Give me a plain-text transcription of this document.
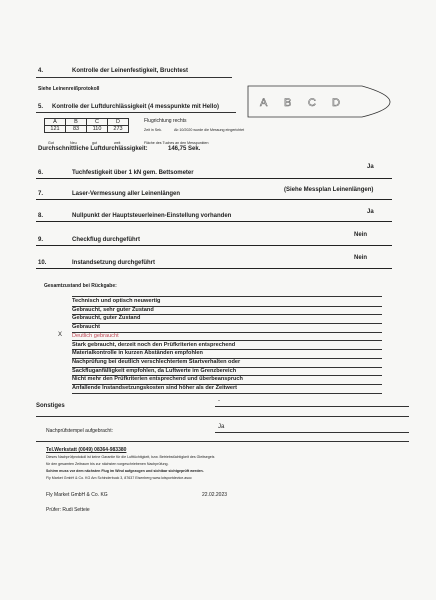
4.	Kontrolle der Leinenfestigkeit, Bruchtest
Siehe Leinenreißprotokoll
A B C D
5. Kontrolle der Luftdurchlässigkeit (4 messpunkte mit Hello)
A	B	C	D
121	83	110	273
Flugrichtung rechts
Zeit in Sek.	Ab 10/2020 wurde die Messung eingerichtet
Gut	Neu	gut	weit	Fläche des Tuches an den Messpunkten
Durchschnittliche Luftdurchlässigkeit:	146,75 Sek.
6.	Tuchfestigkeit über 1 kN gem. Bettsometer
Ja
7.	Laser-Vermessung aller Leinenlängen
(Siehe Messplan Leinenlängen)
8.	Nullpunkt der Hauptsteuerleinen-Einstellung vorhanden
Ja
9.	Checkflug durchgeführt
Nein
10.	Instandsetzung durchgeführt
Nein
Gesamtzustand bei Rückgabe:
Technisch und optisch neuwertig
Gebraucht, sehr guter Zustand
Gebraucht, guter Zustand
Gebraucht
X Deutlich gebraucht
Stark gebraucht, derzeit noch den Prüfkriterien entsprechend
Materialkontrolle in kurzen Abständen empfohlen
Nachprüfung bei deutlich verschlechtertem Startverhalten oder
Sackfluganfälligkeit empfohlen, da Luftwerte im Grenzbereich
Nicht mehr den Prüfkriterien entsprechend und überbeanspruch
Anfallende Instandsetzungskosten sind höher als der Zeitwert
Sonstiges
-
Nachprüfstempel aufgebracht:
Ja
Tel.Werkstatt (0049) 08364-983380
Dieses Nachprüfprotokoll ist keine Garantie für die Lufttüchtigkeit, bzw. Betriebstüchtigkeit des Gleitsegels
für den gesamten Zeitraum bis zur nächsten vorgeschriebenen Nachprüfung.
Schirm muss vor dem nächsten Flug im Wind aufgezogen und sichtbar sichtgeprüft werden.
Fly Market GmbH & Co. KG Am Schinderbuck 3, 87637 Eisenberg www.lotsportdevice.asoc
Fly Market GmbH & Co. KG	22.02.2023
Prüfer: Rudi Setteie
